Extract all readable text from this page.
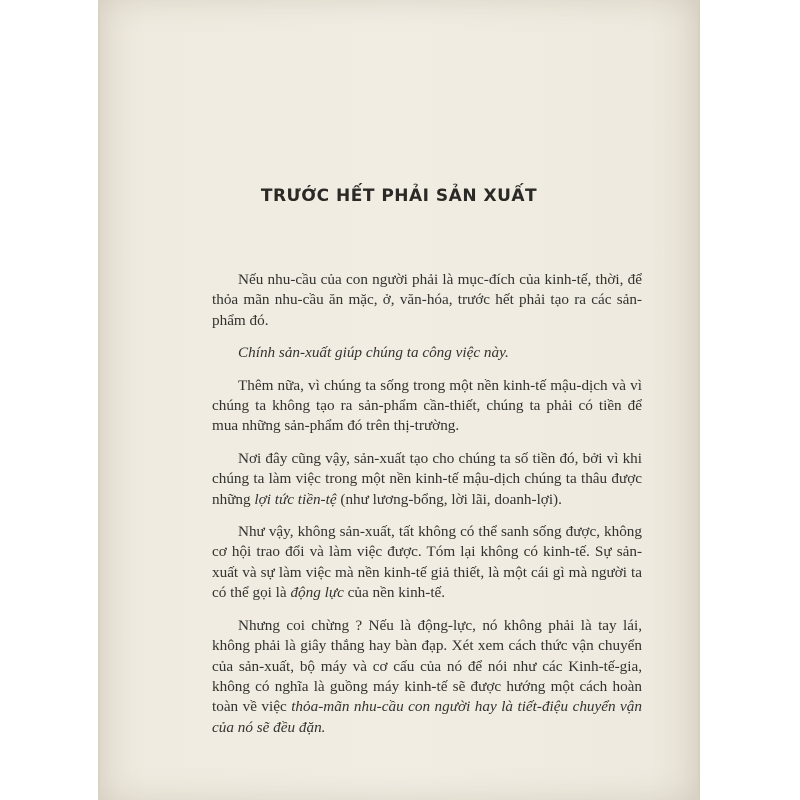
TRƯỚC HẾT PHẢI SẢN XUẤT

Nếu nhu-cầu của con người phải là mục-đích của kinh-tế, thời, để thỏa mãn nhu-cầu ăn mặc, ở, văn-hóa, trước hết phải tạo ra các sản-phẩm đó.

Chính sản-xuất giúp chúng ta công việc này.

Thêm nữa, vì chúng ta sống trong một nền kinh-tế mậu-dịch và vì chúng ta không tạo ra sản-phẩm cần-thiết, chúng ta phải có tiền để mua những sản-phẩm đó trên thị-trường.

Nơi đây cũng vậy, sản-xuất tạo cho chúng ta số tiền đó, bởi vì khi chúng ta làm việc trong một nền kinh-tế mậu-dịch chúng ta thâu được những lợi tức tiền-tệ (như lương-bổng, lời lãi, doanh-lợi).

Như vậy, không sản-xuất, tất không có thể sanh sống được, không cơ hội trao đổi và làm việc được. Tóm lại không có kinh-tế. Sự sản-xuất và sự làm việc mà nền kinh-tế giả thiết, là một cái gì mà người ta có thể gọi là động lực của nền kinh-tế.

Nhưng coi chừng ? Nếu là động-lực, nó không phải là tay lái, không phải là giây thắng hay bàn đạp. Xét xem cách thức vận chuyển của sản-xuất, bộ máy và cơ cấu của nó để nói như các Kinh-tế-gia, không có nghĩa là guồng máy kinh-tế sẽ được hướng một cách hoàn toàn về việc thỏa-mãn nhu-cầu con người hay là tiết-điệu chuyển vận của nó sẽ đều đặn.
